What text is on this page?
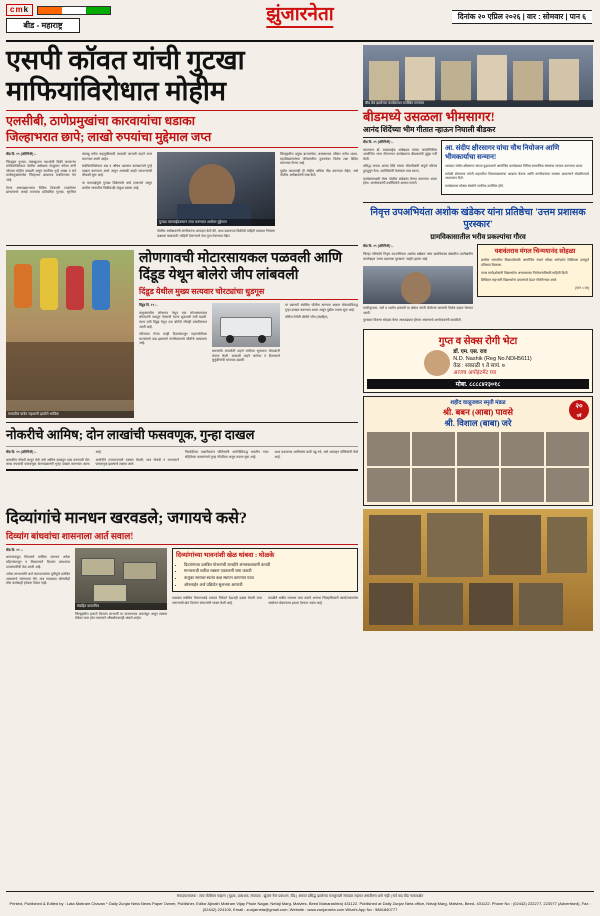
cmk
बीड - महाराष्ट्र
झुंजारनेता	दिनांक २० एप्रिल २०२६ | वार : सोमवार | पान ६
एसपी कॉवत यांची गुटखा
माफियांविरोधात मोहीम
एलसीबी, ठाणेप्रमुखांचा कारवायांचा धडाका
जिल्हाभरात छापे; लाखो रुपयांचा मुद्देमाल जप्त

बीड दि. १९ (प्रतिनिधी) :-

जिल्ह्यात गुटखा, तंबाखूजन्य पदार्थांची विक्री करणाऱ्या माफियांविरोधात पोलीस अधीक्षक नंदकुमार कॉवत यांनी जोरदार मोहीम उघडली असून स्थानिक गुन्हे शाखा व सर्व ठाणेप्रमुखांमार्फत जिल्हाभर छापासत्र राबविण्यात येत आहे.

गेल्या आठवड्याभरात विविध ठिकाणी टाकलेल्या छाप्यांमध्ये लाखो रुपयांचा प्रतिबंधित गुटखा, सुगंधित तंबाखू तसेच वाहतुकीसाठी वापरली जाणारी वाहने जप्त करण्यात आली आहेत.

संबंधितांविरोधात अन्न व औषध प्रशासन कायद्यान्वये गुन्हे दाखल करण्यात आले असून आणखी काही व्यापाऱ्यांची चौकशी सुरू आहे.

या कारवाईमुळे गुटखा विक्रेत्यांचे धाबे दणाणले असून ग्रामीण भागातील विक्रीवरही अंकुश बसला आहे.

गुटखा कारवाईदरम्यान जप्त करण्यात आलेला मुद्देमाल

पोलीस अधीक्षकांनी नागरिकांना आवाहन केले की, अशा प्रकारच्या विक्रीची माहिती तत्काळ नियंत्रण कक्षाला कळवावी; माहिती देणाऱ्याचे नाव गुप्त ठेवण्यात येईल.

जिल्ह्यातील प्रमुख बाजारपेठा, बसस्थानक परिसर तसेच शाळा-महाविद्यालयांच्या परिसरातील दुकानांवर विशेष लक्ष केंद्रित करण्यात येणार आहे.

पुढील काळातही ही मोहीम अधिक तीव्र करण्यात येईल, असे पोलीस अधीक्षकांनी स्पष्ट केले.

गावातील यात्रेत सहभागी झालेले भाविक
लोणगावची मोटारसायकल पळवली आणि दिंडूड येथून बोलेरो जीप लांबवली
दिंडूड येथील मुख्य सत्यवार चोरट्यांचा धुडगूस

दिंडूड दि. १९ :-

तालुक्यातील लोणगाव येथून एक मोटारसायकल चोरट्यांनी पळवून नेल्याची घटना शुक्रवारी रात्री घडली. त्याच रात्री दिंडूड येथून एक बोलेरो जीपही लांबविण्यात आली आहे.

परिसरात गेल्या काही दिवसांपासून वाहनचोरीच्या घटनांमध्ये वाढ झाल्याने नागरिकांमध्ये भीतीचे वातावरण आहे.

घरासमोर लावलेली वाहने रात्रीच्या सुमारास चोरट्यांनी लंपास केली. सकाळी वाहने जागेवर न दिसल्याने कुटुंबीयांची धावपळ उडाली.

या प्रकरणी संबंधित पोलीस ठाण्यात अज्ञात चोरट्यांविरुद्ध गुन्हा दाखल करण्यात आला असून पुढील तपास सुरू आहे.

चोरीस गेलेली बोलेरो जीप (संग्रहित)

नोकरीचे आमिष; दोन लाखांची फसवणूक, गुन्हा दाखल

बीड दि. १९ (प्रतिनिधी) :-

शासकीय नोकरी लावून देतो असे आमिष दाखवून एका तरुणाची दोन लाख रुपयांची फसवणूक केल्याप्रकरणी गुन्हा दाखल करण्यात आला आहे.

आरोपीने टप्प्याटप्प्याने रक्कम घेतली; मात्र नोकरी न लागल्याने फसवणूक झाल्याचे लक्षात आले.

फिर्यादीच्या तक्रारीवरून पोलिसांनी आरोपीविरुद्ध भारतीय न्याय संहितेच्या कलमांन्वये गुन्हा नोंदविला असून तपास सुरू आहे.

अशा प्रकारच्या आमिषांना बळी पडू नये, असे आवाहन पोलिसांनी केले आहे.

बीड येथे झालेल्या कार्यक्रमात उपस्थित मान्यवर
बीडमध्ये उसळला भीमसागर!
आनंद शिंदेंच्या भीम गीतात न्हाऊन निघाली बीडकर

बीड दि. १९ (प्रतिनिधी) :-

भारतरत्न डॉ. बाबासाहेब आंबेडकर यांच्या जयंतीनिमित्त आयोजित भव्य गीतगायन कार्यक्रमास बीडकरांनी तुडुंब गर्दी केली.

प्रसिद्ध गायक आनंद शिंदे यांच्या भीमगीतांनी संपूर्ण परिसर दुमदुमून गेला. उपस्थितांनी ठेक्यावर ताल धरला.

कार्यक्रमस्थळी मोठा पोलीस बंदोबस्त तैनात करण्यात आला होता. आयोजकांनी उपस्थितांचे आभार मानले.

आ. संदीप क्षीरसागर यांचा चौथ नियोजन आणि भीमकार्याचा सन्मान!

आमदार संदीप क्षीरसागर यांच्या पुढाकाराने आयोजित कार्यक्रमात विविध सामाजिक संस्थांचा सन्मान करण्यात आला.

यावेळी बोलताना त्यांनी शहरातील विकासकामांचा आढावा घेतला आणि नागरिकांच्या समस्या प्राधान्याने सोडविण्याचे आश्वासन दिले.

कार्यक्रमास मोठ्या संख्येने नागरिक उपस्थित होते.

निवृत्त उपअभियंता अशोक खंडेकर यांना प्रतिष्ठेचा 'उत्तम प्रशासक पुरस्कार'
ग्रामविकासातील भरीव प्रकल्पांचा गौरव

बीड दि. १९ (प्रतिनिधी) :-

जिल्हा परिषदेचे निवृत्त उपअभियंता अशोक खंडेकर यांना ग्रामविकास क्षेत्रातील उल्लेखनीय कार्याबद्दल 'उत्तम प्रशासक पुरस्कार' जाहीर झाला आहे.

पाणीपुरवठा, रस्ते व शालेय इमारती या क्षेत्रांत त्यांनी केलेल्या कामांची विशेष दखल घेण्यात आली.

पुरस्कार वितरण सोहळा येत्या आठवड्यात होणार असल्याचे आयोजकांनी कळविले.

यशवंतराव मंगल चिन्मयानंद सोहळा

ग्रामीण भागातील विद्यार्थ्यांसाठी आयोजित स्पर्धा परीक्षा मार्गदर्शन शिबिरास उत्स्फूर्त प्रतिसाद मिळाला.

तज्ज्ञ मार्गदर्शकांनी विद्यार्थ्यांना अभ्यासाच्या नियोजनाविषयी माहिती दिली.

शिबिरात सहभागी विद्यार्थ्यांना प्रमाणपत्रे देऊन गौरविण्यात आले.

(पान ५ वर)

गुप्त व सेक्स रोगी भेटा
डॉ. एम. एस. राव
N.D. Nashik (Reg No.NDH5611)
वेळ : सकाळी ९ ते सायं. ७
आजच अपॉइंटमेंट घ्या
मोबा. ८८८८४२३०१८
२०
वर्षे
शहीद वाळूजकर स्मृती मंडळ
श्री. बबन (आबा) पावसे
श्री. विशाल (बाबा) जरे
दिव्यांगांचे मानधन खरवडले; जगायचे कसे?
दिव्यांग बांधवांचा शासनाला आर्त सवाल!

बीड दि. १९ :-

शासनाकडून मिळणारे मासिक मानधन अनेक महिन्यांपासून न मिळाल्याने दिव्यांग बांधवांवर उपासमारीची वेळ आली आहे.

अनेक लाभार्थ्यांचे अर्ज कागदपत्रांच्या त्रुटींमुळे प्रलंबित असल्याचे सांगण्यात येते; मात्र त्याबाबत कोणतीही ठोस कार्यवाही होताना दिसत नाही.

संग्रहित छायाचित्र

जिल्ह्यातील हजारो दिव्यांग लाभार्थी या मानधनावर अवलंबून असून रक्कम वेळेवर जमा होत नसल्याने औषधोपचारही थांबले आहेत.

दिव्यांगांच्या भावनांशी खेळ थांबवा : घोळके
• दिव्यांगांच्या प्रलंबित योजनांची तातडीने अंमलबजावणी करावी
• मानधनाची थकीत रक्कम एकरकमी जमा करावी
• तालुका स्तरावर स्वतंत्र कक्ष स्थापन करण्यात यावा
• ऑनलाईन अर्ज प्रक्रियेत सुलभता आणावी

याबाबत संबंधित विभागाकडे वारंवार निवेदने देऊनही दखल घेतली जात नसल्याची खंत दिव्यांग संघटनांनी व्यक्त केली आहे.

तातडीने थकीत मानधन जमा करावे अन्यथा जिल्हाधिकारी कार्यालयासमोर आंदोलन छेडण्याचा इशारा देण्यात आला आहे.

संपादक/मालक : लता मोतीराम चव्हाण | मुद्रक, प्रकाशक, संपादक : झुंजार नेता प्रकाशन, बीड | अंकात प्रसिद्ध झालेल्या मजकुराशी संपादक सहमत असतीलच असे नाही | सर्व वाद बीड न्यायकक्षेत
Printed, Published & Edited by : Lata Motiram Chavan * Daily Zunjar Neta News Paper Owner, Publisher, Editor Ajinath Motiram Vijay Phule Nagar, Netaji Marg, Malvies, Beed Maharashtra) 431122. Published at Daily Zunjar Neta office, Netaji Marg, Malvies, Beed- 431122. Phone No : (02442) 222277, 223077 (Advertised), Fax : (02442) 224100, Email : zunjarneta@gmail.com, Website : www.zunjarneta.com What's App No : 9881840777
